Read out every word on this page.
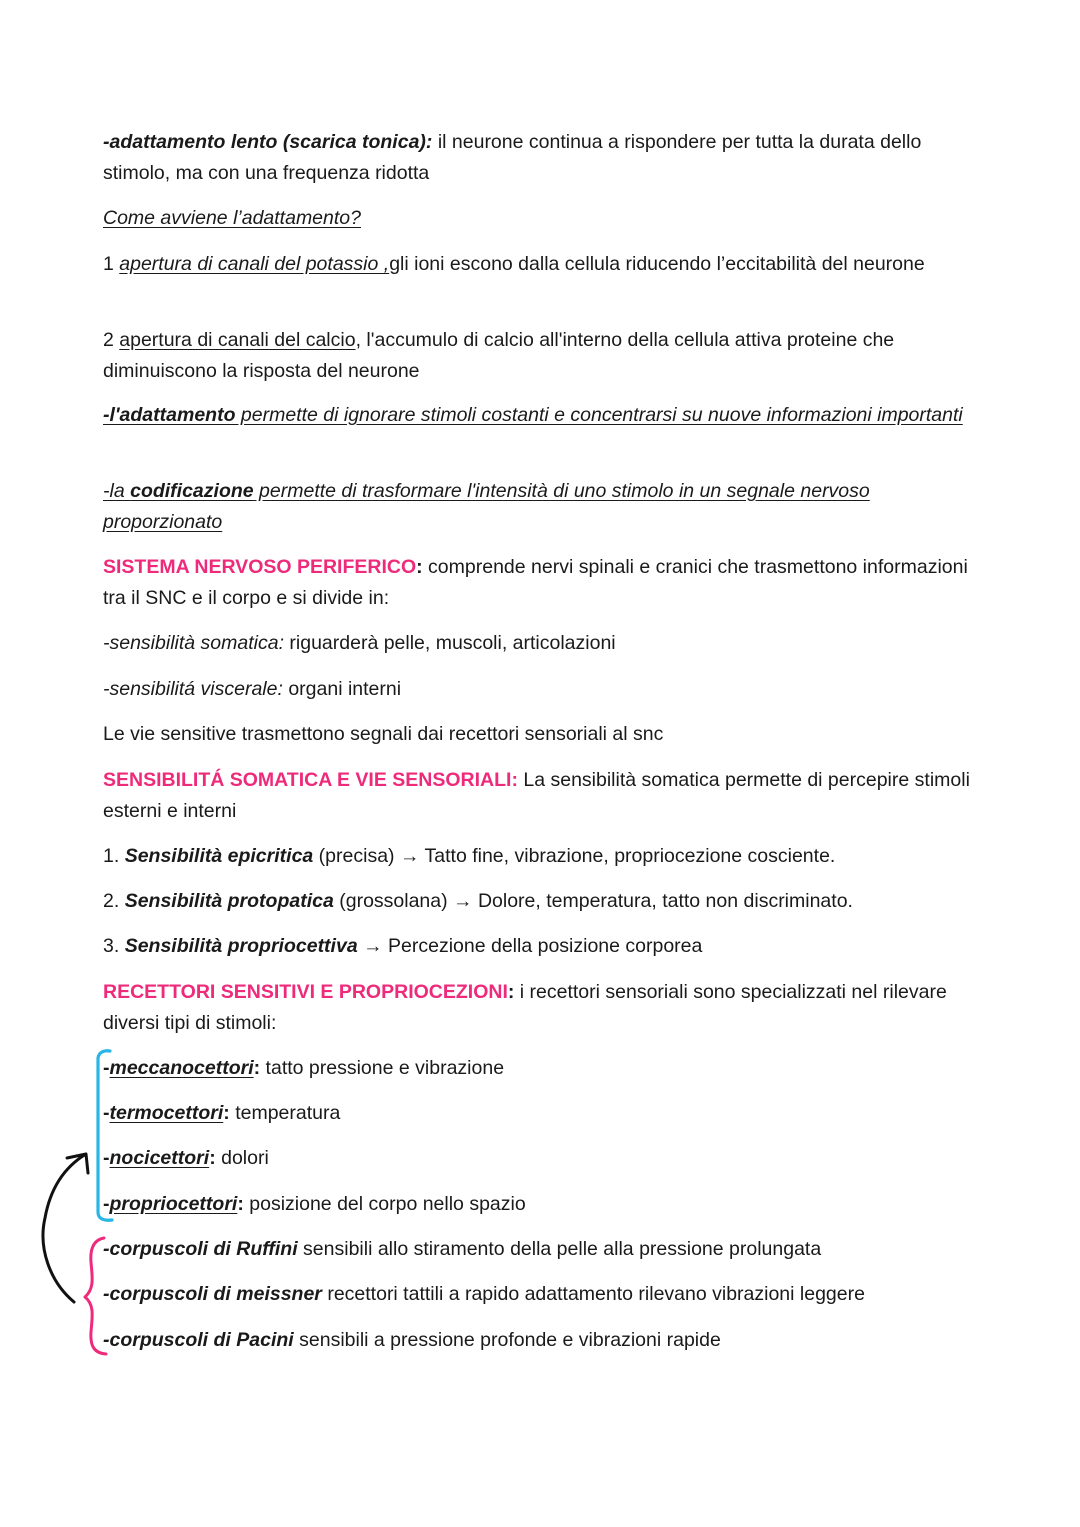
-adattamento lento (scarica tonica): il neurone continua a rispondere per tutta la durata dello stimolo, ma con una frequenza ridotta

Come avviene l’adattamento?

1 apertura di canali del potassio ,gli ioni escono dalla cellula riducendo l’eccitabilità del neurone

2 apertura di canali del calcio, l'accumulo di calcio all'interno della cellula attiva proteine che diminuiscono la risposta del neurone

-l'adattamento permette di ignorare stimoli costanti e concentrarsi su nuove informazioni importanti

-la codificazione permette di trasformare l'intensità di uno stimolo in un segnale nervoso proporzionato

SISTEMA NERVOSO PERIFERICO: comprende nervi spinali e cranici che trasmettono informazioni tra il SNC e il corpo e si divide in:

-sensibilità somatica: riguarderà pelle, muscoli, articolazioni

-sensibilitá viscerale: organi interni

Le vie sensitive trasmettono segnali dai recettori sensoriali al snc

SENSIBILITÁ SOMATICA E VIE SENSORIALI: La sensibilità somatica permette di percepire stimoli esterni e interni

1. Sensibilità epicritica (precisa) → Tatto fine, vibrazione, propriocezione cosciente.

2. Sensibilità protopatica (grossolana) → Dolore, temperatura, tatto non discriminato.

3. Sensibilità propriocettiva → Percezione della posizione corporea

RECETTORI SENSITIVI E PROPRIOCEZIONI: i recettori sensoriali sono specializzati nel rilevare diversi tipi di stimoli:

-meccanocettori: tatto pressione e vibrazione

-termocettori: temperatura

-nocicettori: dolori

-propriocettori: posizione del corpo nello spazio

-corpuscoli di Ruffini sensibili allo stiramento della pelle alla pressione prolungata

-corpuscoli di meissner recettori tattili a rapido adattamento rilevano vibrazioni leggere

-corpuscoli di Pacini sensibili a pressione profonde e vibrazioni rapide
